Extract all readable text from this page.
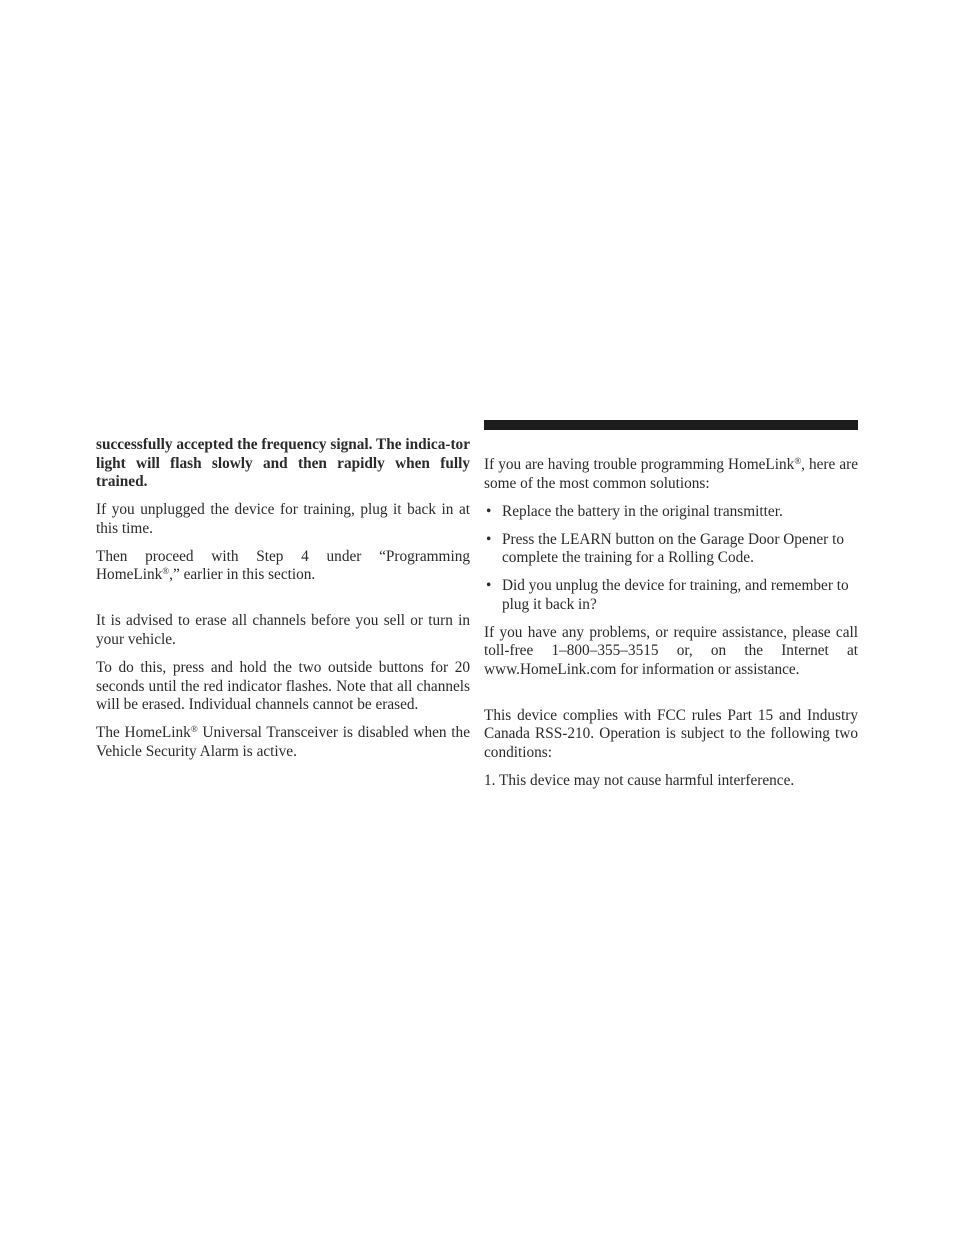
successfully accepted the frequency signal. The indica-tor light will flash slowly and then rapidly when fully trained.

If you unplugged the device for training, plug it back in at this time.

Then proceed with Step 4 under “Programming HomeLink®,” earlier in this section.

It is advised to erase all channels before you sell or turn in your vehicle.

To do this, press and hold the two outside buttons for 20 seconds until the red indicator flashes. Note that all channels will be erased. Individual channels cannot be erased.

The HomeLink® Universal Transceiver is disabled when the Vehicle Security Alarm is active.

If you are having trouble programming HomeLink®, here are some of the most common solutions:

• Replace the battery in the original transmitter.
• Press the LEARN button on the Garage Door Opener to complete the training for a Rolling Code.
• Did you unplug the device for training, and remember to plug it back in?

If you have any problems, or require assistance, please call toll-free 1–800–355–3515 or, on the Internet at www.HomeLink.com for information or assistance.

This device complies with FCC rules Part 15 and Industry Canada RSS-210. Operation is subject to the following two conditions:

1. This device may not cause harmful interference.
